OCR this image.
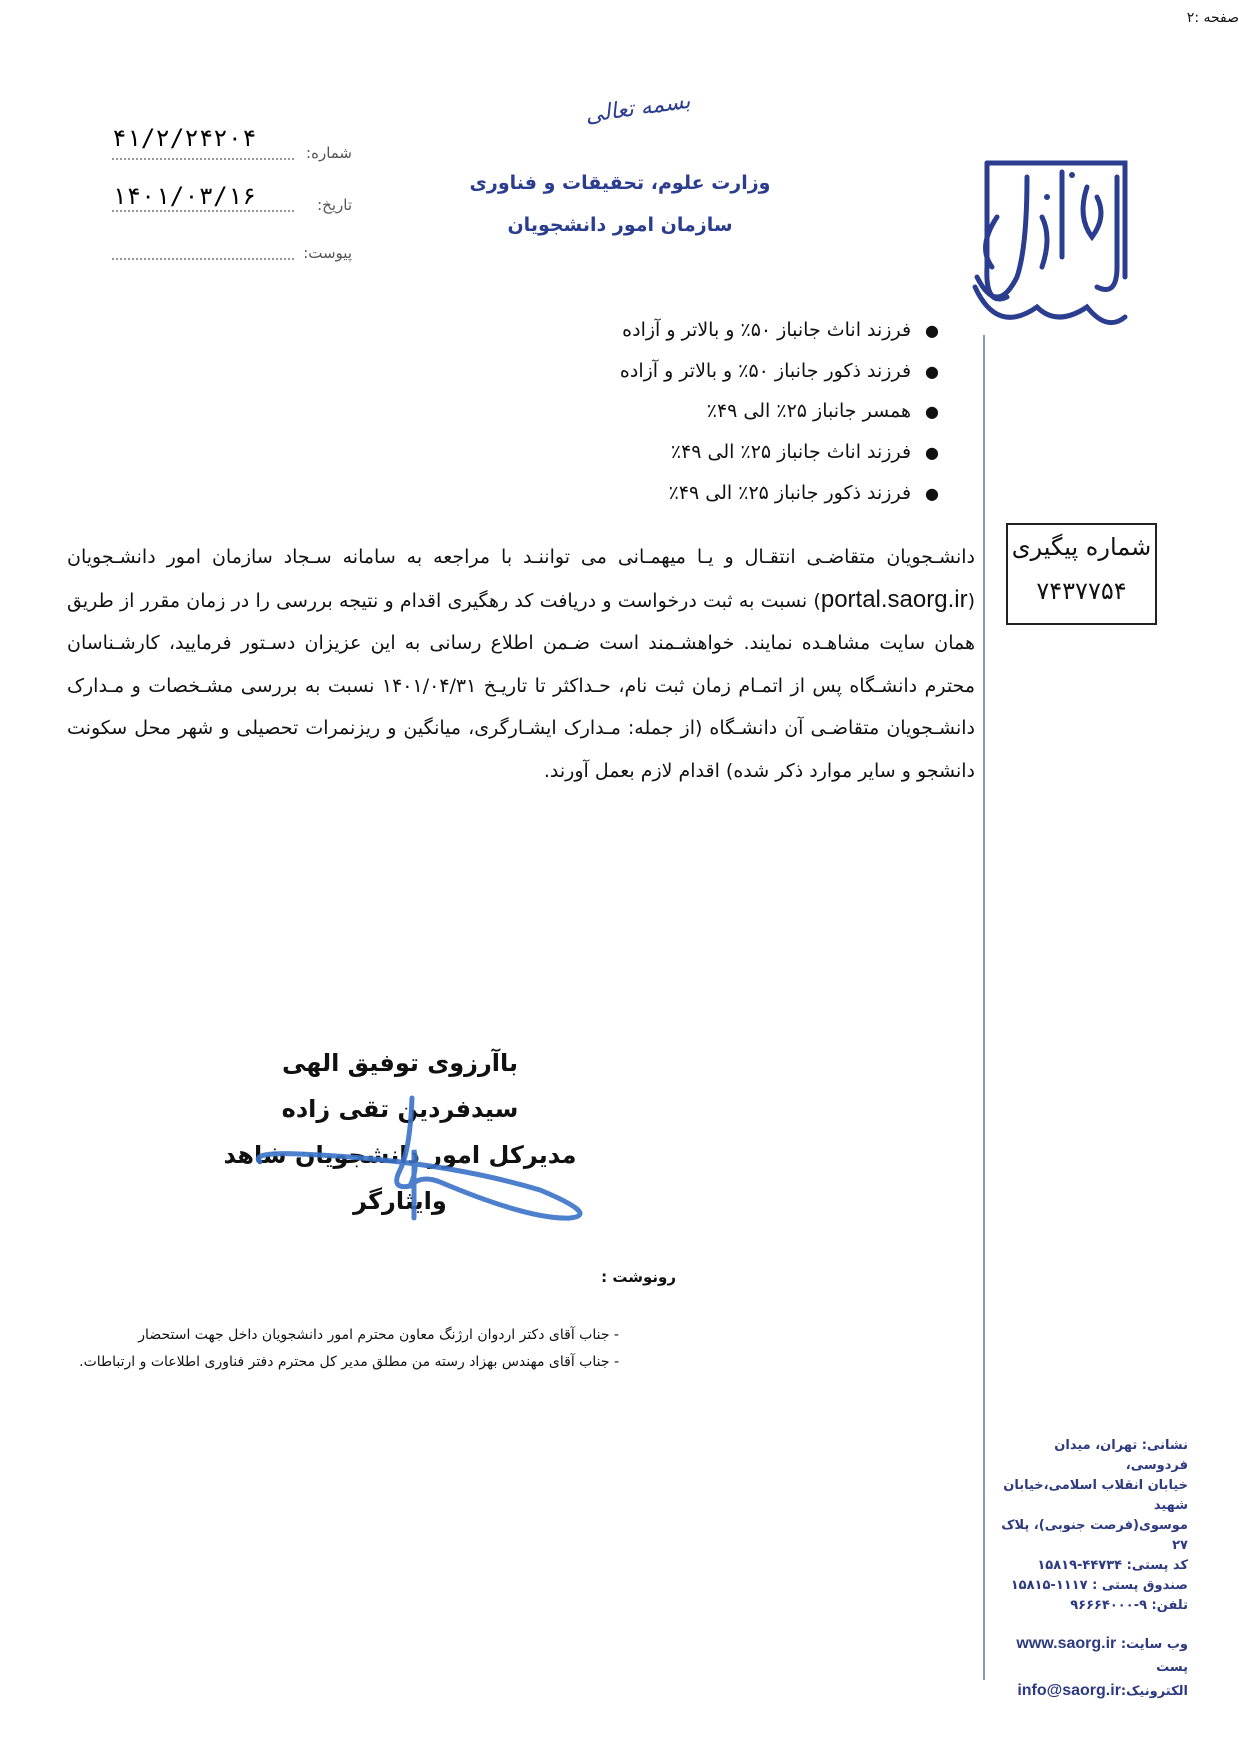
صفحه :۲
بسمه تعالی
وزارت علوم، تحقیقات و فناوری
سازمان امور دانشجویان
شماره:
۴۱/۲/۲۴۲۰۴
تاریخ:
۱۴۰۱/۰۳/۱۶
پیوست:
● فرزند اناث جانباز ۵۰٪ و بالاتر و آزاده
● فرزند ذکور جانباز ۵۰٪ و بالاتر و آزاده
● همسر جانباز ۲۵٪ الی ۴۹٪
● فرزند اناث جانباز ۲۵٪ الی ۴۹٪
● فرزند ذکور جانباز ۲۵٪ الی ۴۹٪
شماره پیگیری
۷۴۳۷۷۵۴
دانشـجویان متقاضـی انتقـال و یـا میهمـانی می تواننـد با مراجعه به سامانه سـجاد سازمان امور دانشـجویان (portal.saorg.ir) نسبت به ثبت درخواست و دریافت کد رهگیری اقدام و نتیجه بررسی را در زمان مقرر از طریق همان سایت مشاهـده نمایند. خواهشـمند است ضـمن اطلاع رسانی به این عزیزان دسـتور فرمایید، کارشـناسان محترم دانشـگاه پس از اتمـام زمان ثبت نام، حـداکثر تا تاریـخ ۱۴۰۱/۰۴/۳۱ نسبت به بررسی مشـخصات و مـدارک دانشـجویان متقاضـی آن دانشـگاه (از جمله: مـدارک ایشـارگری، میانگین و ریزنمرات تحصیلی و شهر محل سکونت دانشجو و سایر موارد ذکر شده) اقدام لازم بعمل آورند.
باآرزوی توفیق الهی
سیدفردین تقی زاده
مدیرکل امور دانشجویان شاهد وایثارگر
رونوشت :
- جناب آقای دکتر اردوان ارژنگ معاون محترم امور دانشجویان داخل جهت استحضار
- جناب آقای مهندس بهزاد رسته من مطلق مدیر کل محترم دفتر فناوری اطلاعات و ارتباطات.
نشانی: تهران، میدان فردوسی،
خیابان انقلاب اسلامی،خیابان شهید
موسوی(فرصت جنوبی)، پلاک ۲۷
کد پستی: ۴۴۷۳۴-۱۵۸۱۹
صندوق پستی : ۱۱۱۷-۱۵۸۱۵
تلفن: ۹-۹۶۶۶۴۰۰۰
وب سایت: www.saorg.ir
پست الکترونیک:info@saorg.ir
